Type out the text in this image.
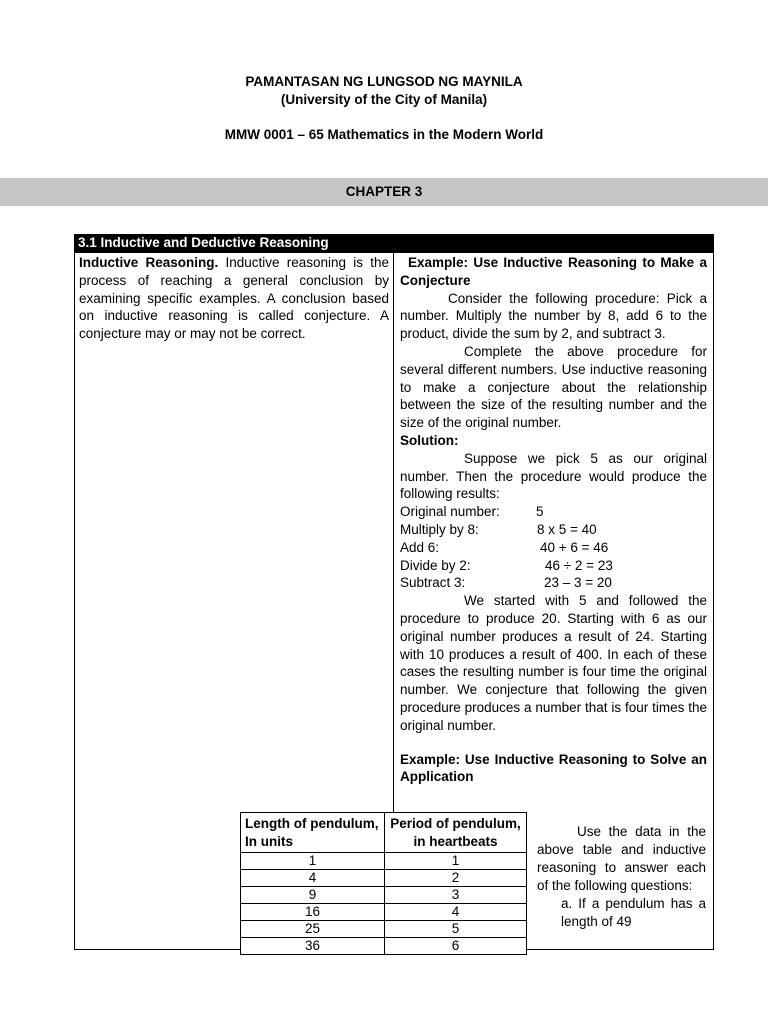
PAMANTASAN NG LUNGSOD NG MAYNILA
(University of the City of Manila)
MMW 0001 – 65 Mathematics in the Modern World
CHAPTER 3
3.1 Inductive and Deductive Reasoning
Inductive Reasoning. Inductive reasoning is the process of reaching a general conclusion by examining specific examples. A conclusion based on inductive reasoning is called conjecture. A conjecture may or may not be correct.
Example: Use Inductive Reasoning to Make a Conjecture
Consider the following procedure: Pick a number. Multiply the number by 8, add 6 to the product, divide the sum by 2, and subtract 3.
Complete the above procedure for several different numbers. Use inductive reasoning to make a conjecture about the relationship between the size of the resulting number and the size of the original number.
Solution:
Suppose we pick 5 as our original number. Then the procedure would produce the following results:
Original number:	5
Multiply by 8:	8 x 5 = 40
Add 6:	40 + 6 = 46
Divide by 2:	46 ÷ 2 = 23
Subtract 3:	23 – 3 = 20
We started with 5 and followed the procedure to produce 20. Starting with 6 as our original number produces a result of 24. Starting with 10 produces a result of 400. In each of these cases the resulting number is four time the original number. We conjecture that following the given procedure produces a number that is four times the original number.
Example: Use Inductive Reasoning to Solve an Application
Length of pendulum, In units	Period of pendulum, in heartbeats
1	1
4	2
9	3
16	4
25	5
36	6
Use the data in the above table and inductive reasoning to answer each of the following questions:
a. If a pendulum has a length of 49
